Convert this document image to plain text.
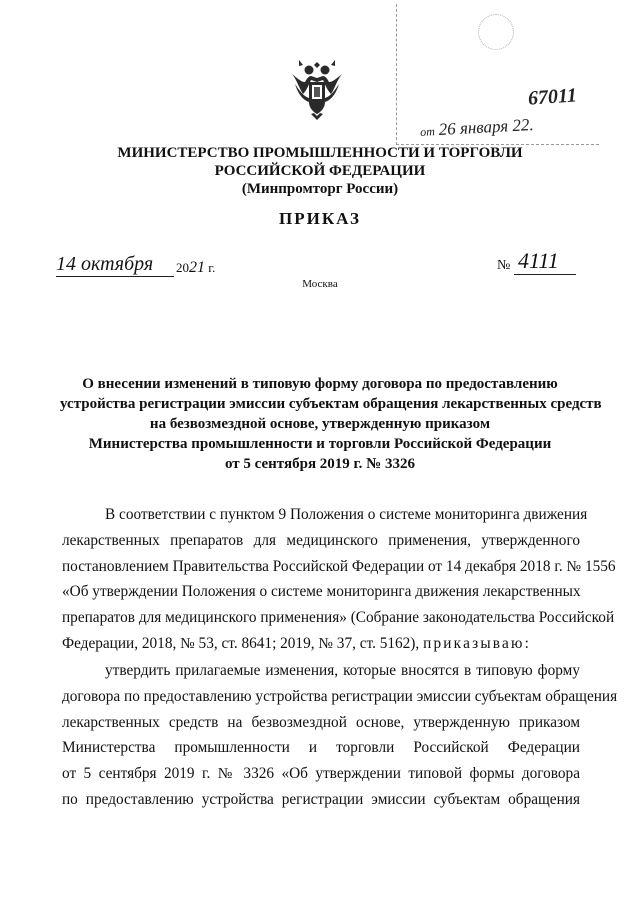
67011
от 26 января 22.
МИНИСТЕРСТВО ПРОМЫШЛЕННОСТИ И ТОРГОВЛИ
РОССИЙСКОЙ ФЕДЕРАЦИИ
(Минпромторг России)
ПРИКАЗ
14 октября 2021 г.	№ 4111
Москва
О внесении изменений в типовую форму договора по предоставлению
устройства регистрации эмиссии субъектам обращения лекарственных средств
на безвозмездной основе, утвержденную приказом
Министерства промышленности и торговли Российской Федерации
от 5 сентября 2019 г. № 3326
В соответствии с пунктом 9 Положения о системе мониторинга движения
лекарственных препаратов для медицинского применения, утвержденного
постановлением Правительства Российской Федерации от 14 декабря 2018 г. № 1556
«Об утверждении Положения о системе мониторинга движения лекарственных
препаратов для медицинского применения» (Собрание законодательства Российской
Федерации, 2018, № 53, ст. 8641; 2019, № 37, ст. 5162), приказываю:
утвердить прилагаемые изменения, которые вносятся в типовую форму
договора по предоставлению устройства регистрации эмиссии субъектам обращения
лекарственных средств на безвозмездной основе, утвержденную приказом
Министерства промышленности и торговли Российской Федерации
от 5 сентября 2019 г. № 3326 «Об утверждении типовой формы договора
по предоставлению устройства регистрации эмиссии субъектам обращения
